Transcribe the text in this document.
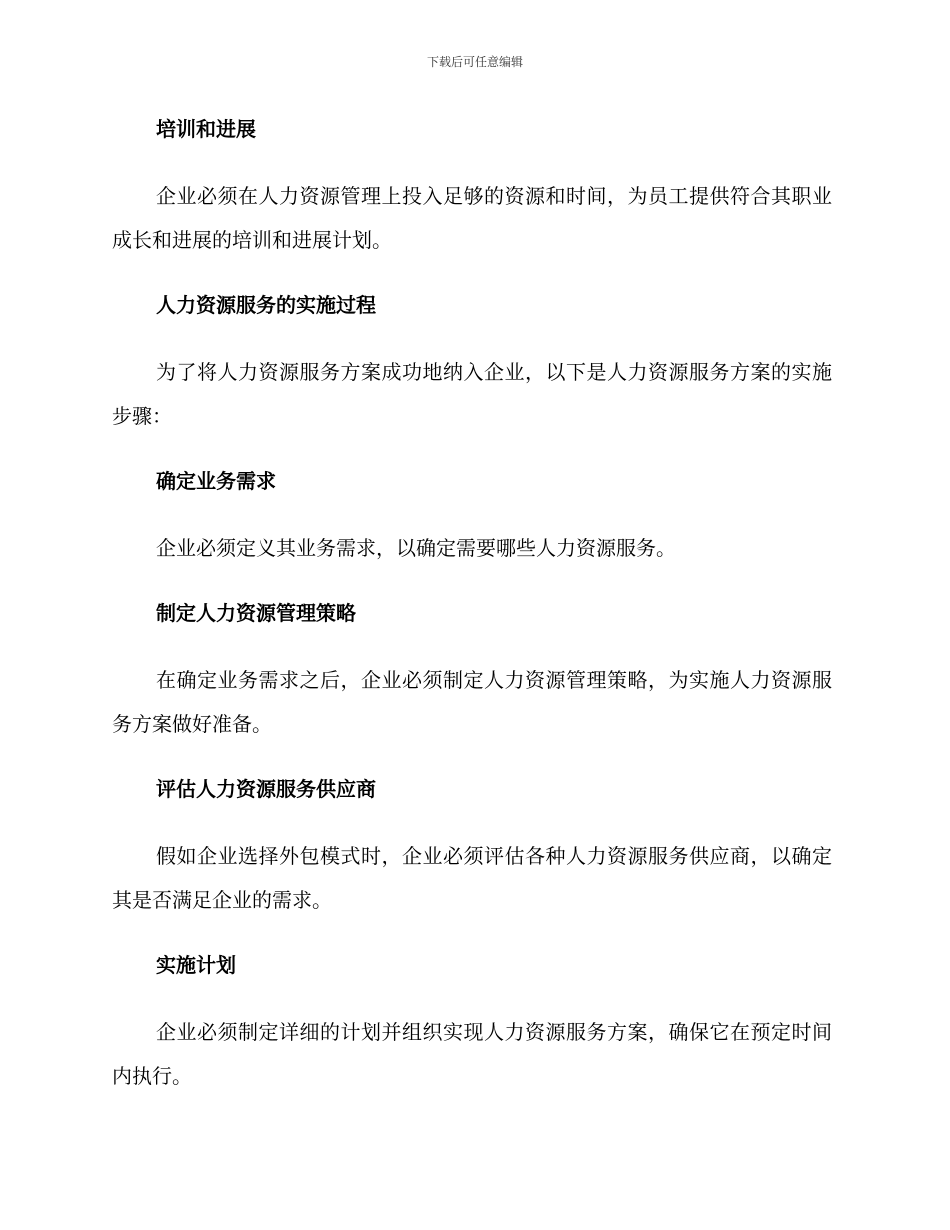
下载后可任意编辑
培训和进展
企业必须在人力资源管理上投入足够的资源和时间，为员工提供符合其职业成长和进展的培训和进展计划。
人力资源服务的实施过程
为了将人力资源服务方案成功地纳入企业，以下是人力资源服务方案的实施步骤：
确定业务需求
企业必须定义其业务需求，以确定需要哪些人力资源服务。
制定人力资源管理策略
在确定业务需求之后，企业必须制定人力资源管理策略，为实施人力资源服务方案做好准备。
评估人力资源服务供应商
假如企业选择外包模式时，企业必须评估各种人力资源服务供应商，以确定其是否满足企业的需求。
实施计划
企业必须制定详细的计划并组织实现人力资源服务方案，确保它在预定时间内执行。
